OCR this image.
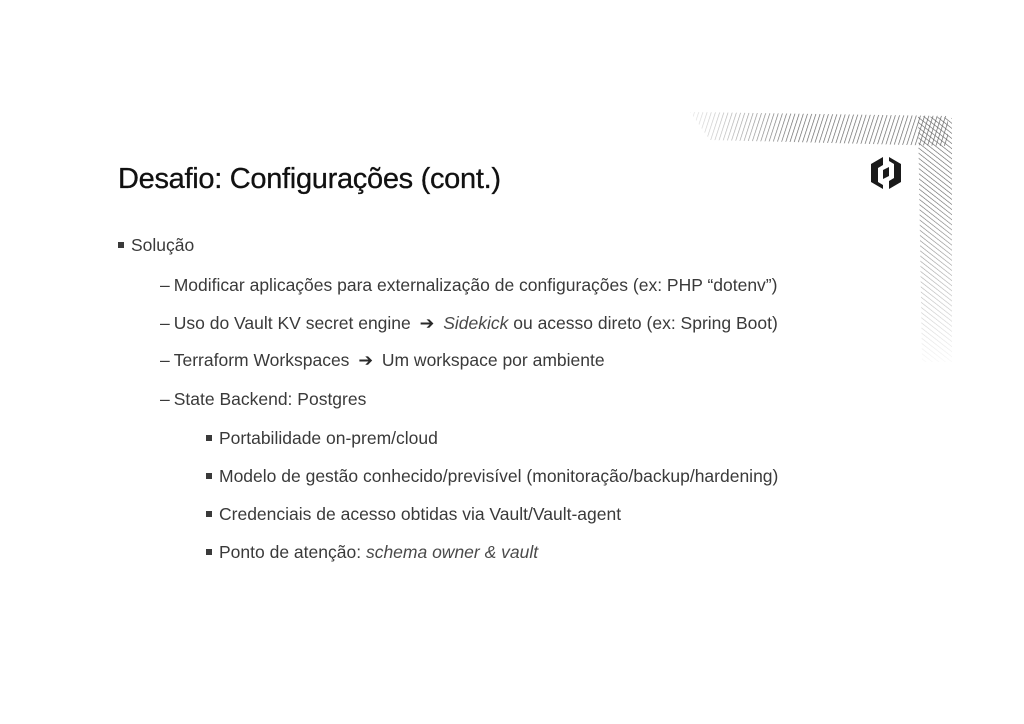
Desafio: Configurações (cont.)
Solução
– Modificar aplicações para externalização de configurações (ex: PHP “dotenv”)
– Uso do Vault KV secret engine ➔ Sidekick ou acesso direto (ex: Spring Boot)
– Terraform Workspaces ➔ Um workspace por ambiente
– State Backend: Postgres
Portabilidade on-prem/cloud
Modelo de gestão conhecido/previsível (monitoração/backup/hardening)
Credenciais de acesso obtidas via Vault/Vault-agent
Ponto de atenção: schema owner & vault
